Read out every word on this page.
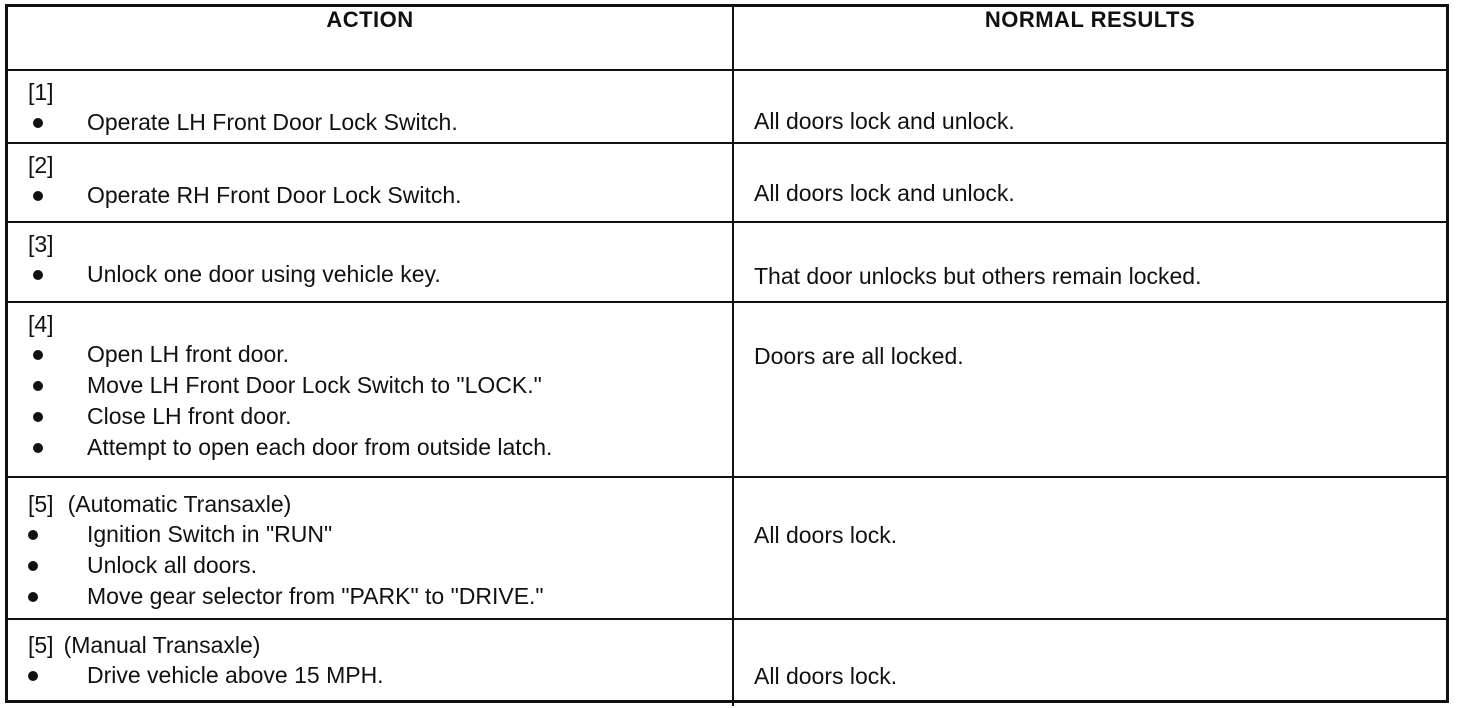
ACTION	NORMAL RESULTS

[1]
Operate LH Front Door Lock Switch.	All doors lock and unlock.

[2]
Operate RH Front Door Lock Switch.	All doors lock and unlock.

[3]
Unlock one door using vehicle key.	That door unlocks but others remain locked.

[4]
Open LH front door.
Move LH Front Door Lock Switch to "LOCK."
Close LH front door.
Attempt to open each door from outside latch.	Doors are all locked.

[5] (Automatic Transaxle)
Ignition Switch in "RUN"
Unlock all doors.
Move gear selector from "PARK" to "DRIVE."	All doors lock.

[5] (Manual Transaxle)
Drive vehicle above 15 MPH.	All doors lock.
